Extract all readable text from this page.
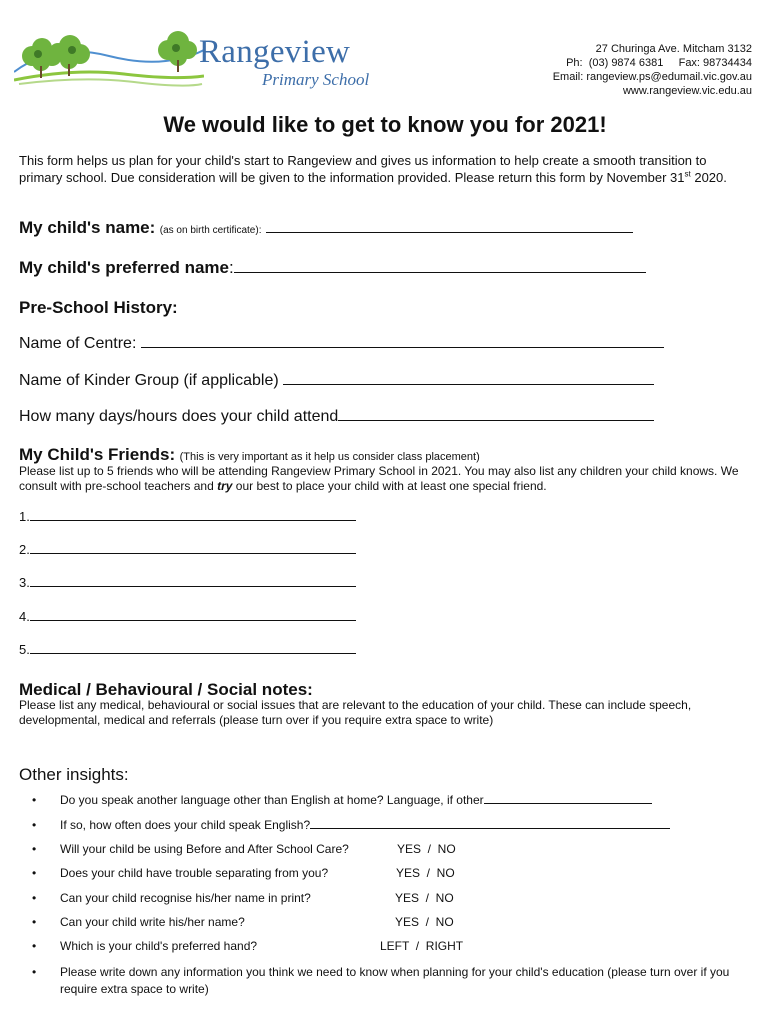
Rangeview
Primary School
27 Churinga Ave. Mitcham 3132
Ph:  (03) 9874 6381     Fax: 98734434
Email: rangeview.ps@edumail.vic.gov.au
www.rangeview.vic.edu.au
We would like to get to know you for 2021!
This form helps us plan for your child's start to Rangeview and gives us information to help create a smooth transition to primary school. Due consideration will be given to the information provided. Please return this form by November 31st 2020.
My child's name: (as on birth certificate):
My child's preferred name:
Pre-School History:
Name of Centre:
Name of Kinder Group (if applicable)
How many days/hours does your child attend
My Child's Friends: (This is very important as it help us consider class placement)
Please list up to 5 friends who will be attending Rangeview Primary School in 2021. You may also list any children your child knows. We consult with pre-school teachers and try our best to place your child with at least one special friend.
1.
2.
3.
4.
5.
Medical / Behavioural / Social notes:
Please list any medical, behavioural or social issues that are relevant to the education of your child. These can include speech, developmental, medical and referrals (please turn over if you require extra space to write)
Other insights:
• Do you speak another language other than English at home? Language, if other
• If so, how often does your child speak English?
• Will your child be using Before and After School Care?	YES  /  NO
• Does your child have trouble separating from you?	YES  /  NO
• Can your child recognise his/her name in print?	YES  /  NO
• Can your child write his/her name?	YES  /  NO
• Which is your child's preferred hand?	LEFT  /  RIGHT
• Please write down any information you think we need to know when planning for your child's education (please turn over if you require extra space to write)
